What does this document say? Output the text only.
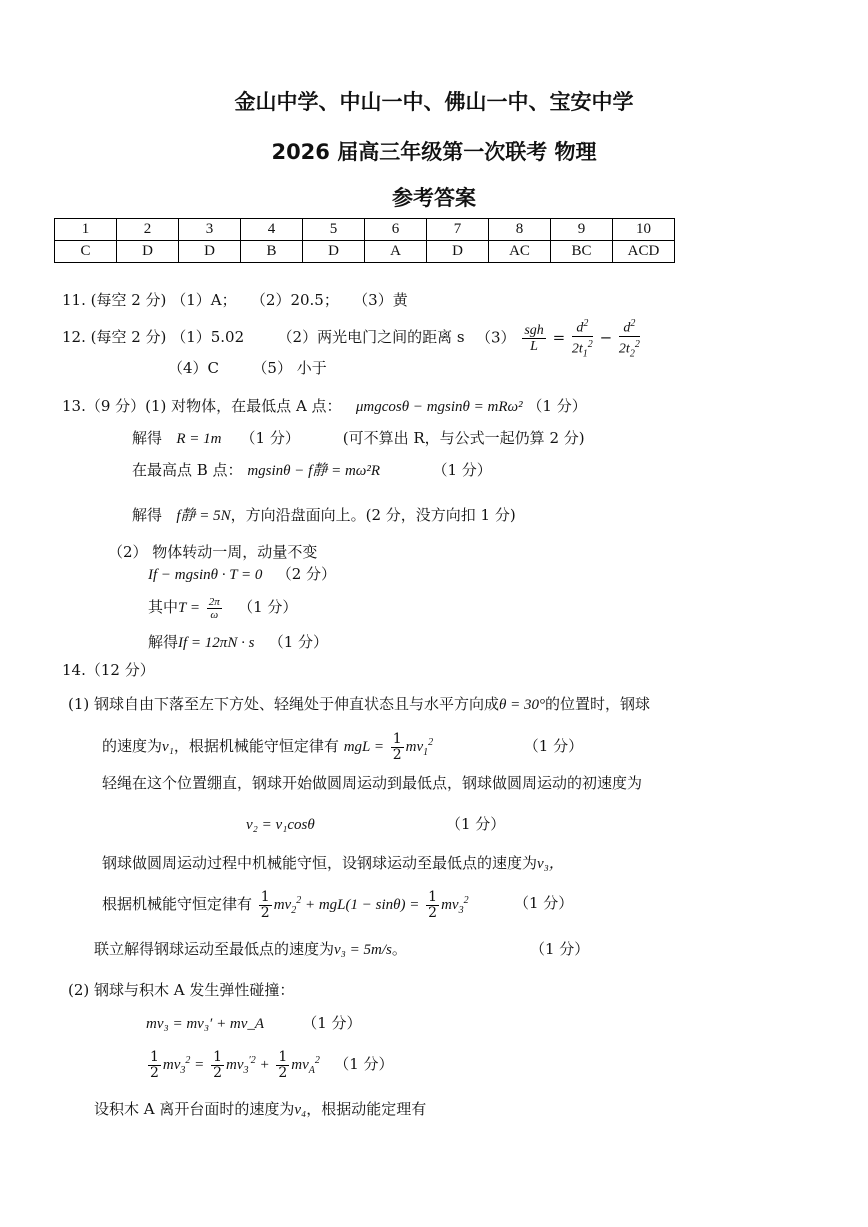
金山中学、中山一中、佛山一中、宝安中学
2026 届高三年级第一次联考 物理
参考答案
1	2	3	4	5	6	7	8	9	10
C	D	D	B	D	A	D	AC	BC	ACD
11. (每空 2 分) （1）A； （2）20.5； （3）黄
12. (每空 2 分) （1）5.02 （2）两光电门之间的距离 s $(3) \frac{\text{sgh}}{L} = \frac{d^2}{2t_1^2} - \frac{d^2}{2t_2^2}$
（4）C （5） 小于
13.（9 分）(1) 对物体，在最低点 A 点： μmgcosθ − mgsinθ = mRω² （1 分）
解得 R = 1m （1 分）	(可不算出 R，与公式一起仍算 2 分)
在最高点 B 点： mgsinθ − f静 = mω²R	（1 分）
解得 f静 = 5N，方向沿盘面向上。(2 分，没方向扣 1 分)
（2） 物体转动一周，动量不变
If − mgsinθ · T = 0 （2 分）
其中$T = \frac{2\pi}{\omega} (1$ 分）
解得If = 12πN · s （1 分）
14.（12 分）
(1) 钢球自由下落至左下方处、轻绳处于伸直状态且与水平方向成θ = 30°的位置时，钢球
的速度为v₁，根据机械能守恒定律有 mgL = $\frac{1}{2} mv_1^2$	（1 分）
轻绳在这个位置绷直，钢球开始做圆周运动到最低点，钢球做圆周运动的初速度为
v₂ = v₁cosθ	（1 分）
钢球做圆周运动过程中机械能守恒，设钢球运动至最低点的速度为v₃，
根据机械能守恒定律有 $\frac{1}{2} mv_2^2 + mgL(1 - \sin\theta) = \frac{1}{2} mv_3^2$	（1 分）
联立解得钢球运动至最低点的速度为v₃ = 5m/s。	（1 分）
(2) 钢球与积木 A 发生弹性碰撞：
mv₃ = mv₃′ + mv_A	（1 分）
$\frac{1}{2} mv_3^2 = \frac{1}{2} mv_3^{'2} + \frac{1}{2} mv_A^2$ （1 分）
设积木 A 离开台面时的速度为v₄，根据动能定理有
